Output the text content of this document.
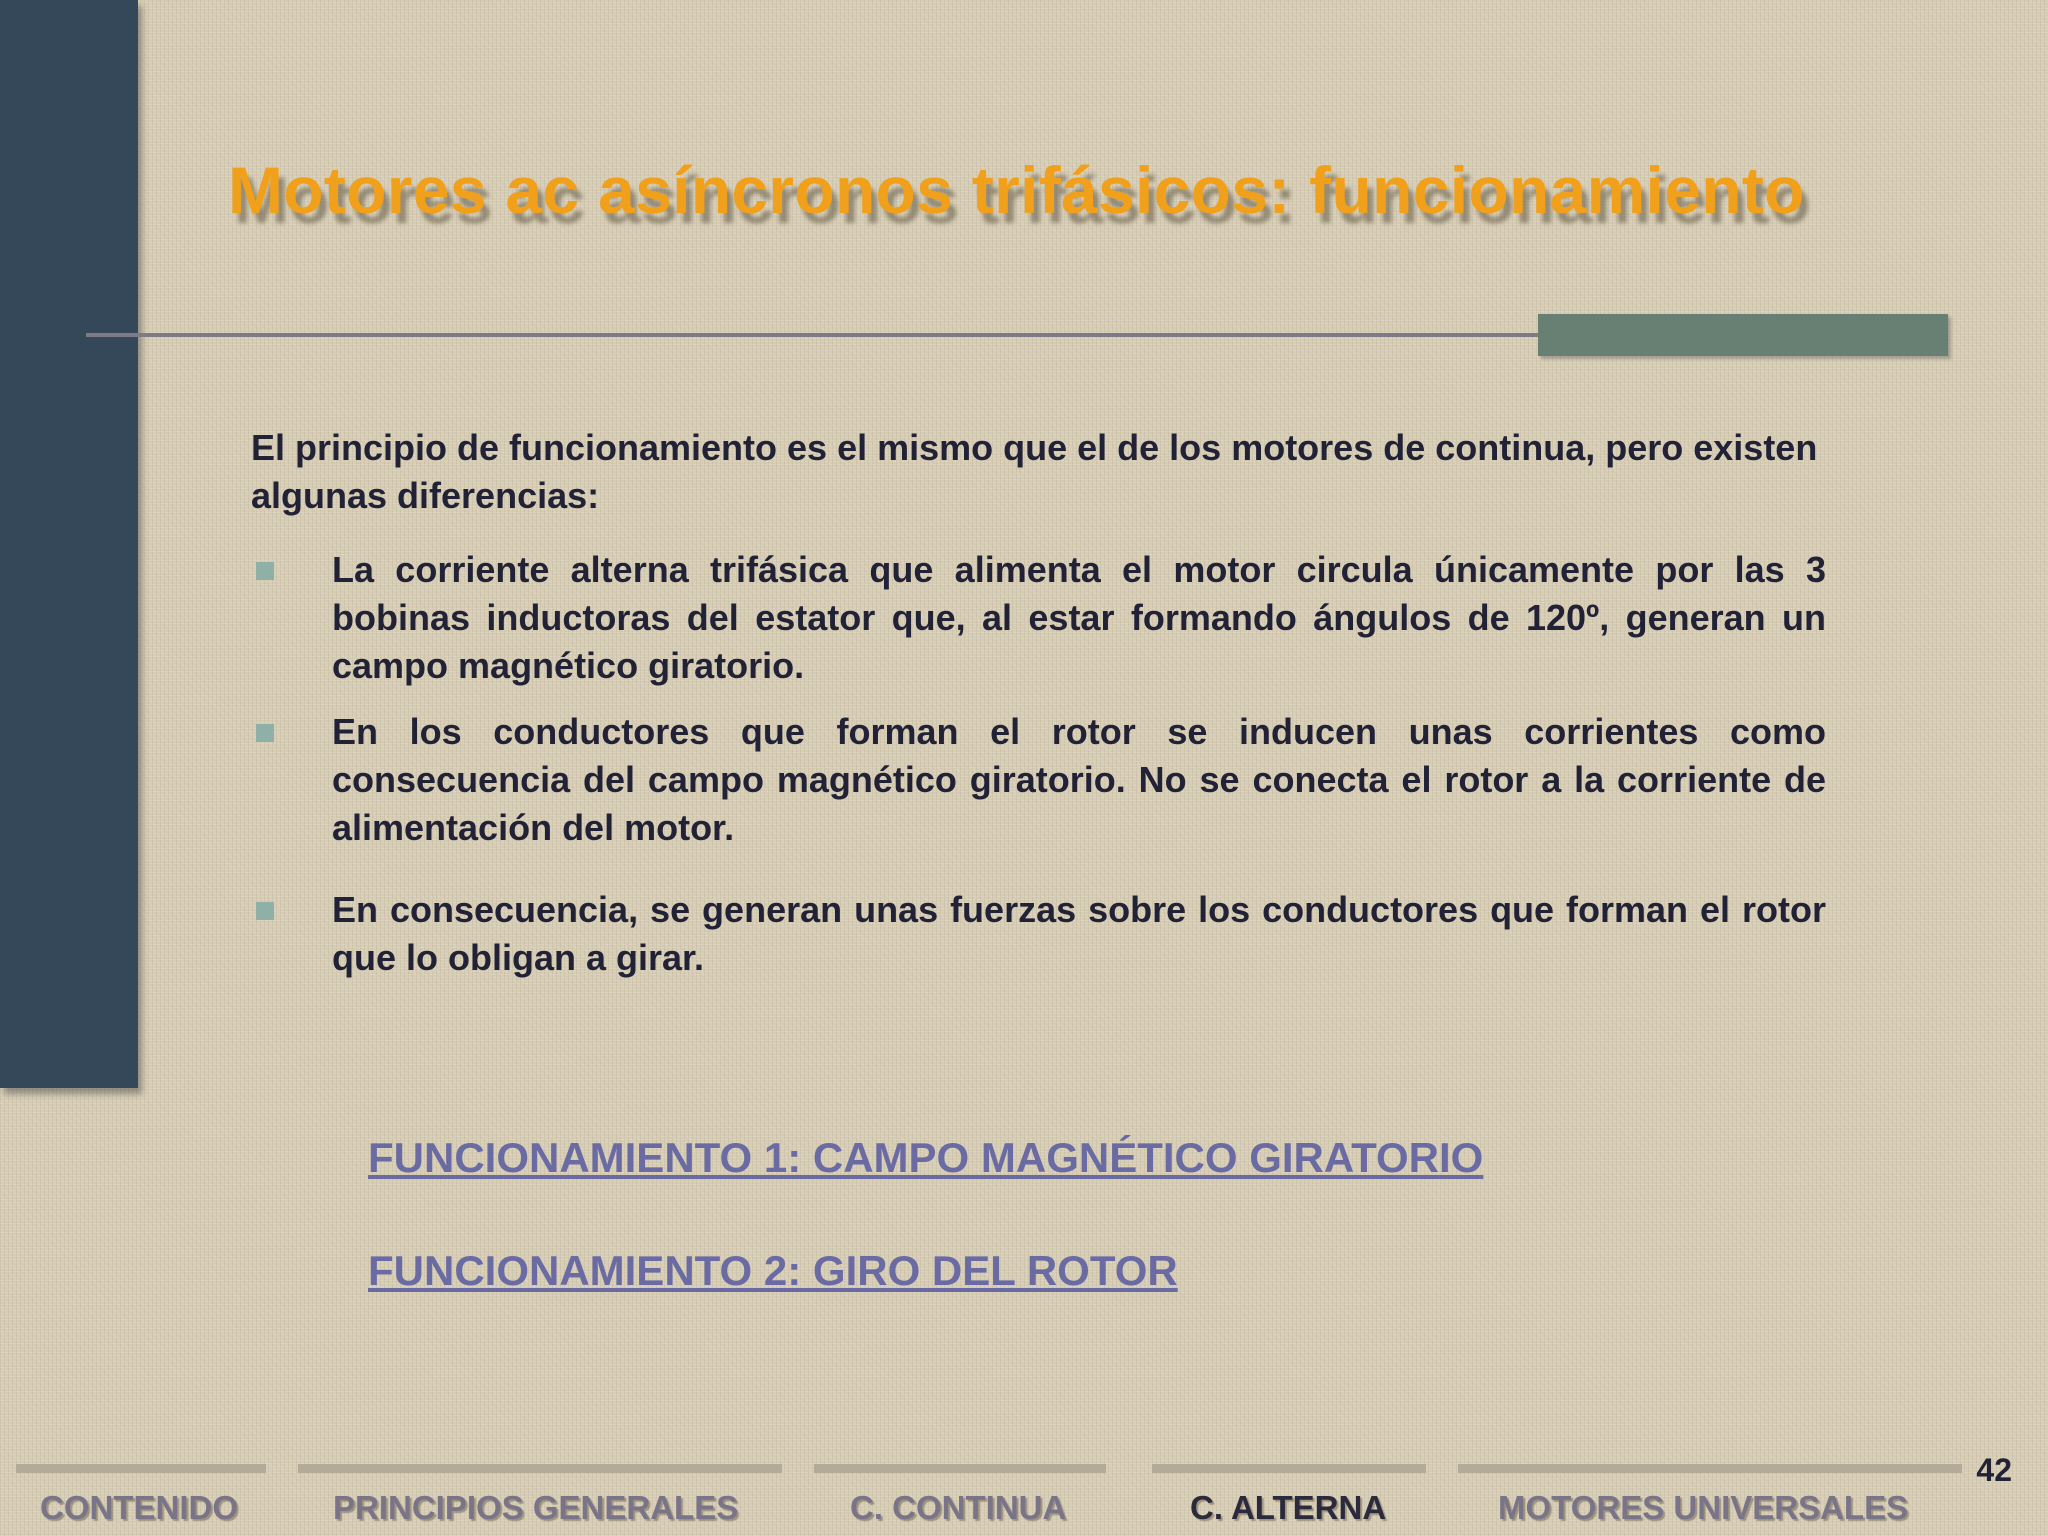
Motores ac asíncronos trifásicos: funcionamiento

El principio de funcionamiento es el mismo que el de los motores de continua, pero existen algunas diferencias:

La corriente alterna trifásica que alimenta el motor circula únicamente por las 3 bobinas inductoras del estator que, al estar formando ángulos de 120º, generan un campo magnético giratorio.
En los conductores que forman el rotor se inducen unas corrientes como consecuencia del campo magnético giratorio. No se conecta el rotor a la corriente de alimentación del motor.
En consecuencia, se generan unas fuerzas sobre los conductores que forman el rotor que lo obligan a girar.
FUNCIONAMIENTO 1: CAMPO MAGNÉTICO GIRATORIO
FUNCIONAMIENTO 2: GIRO DEL ROTOR
42
CONTENIDO	PRINCIPIOS GENERALES	C. CONTINUA	C. ALTERNA	MOTORES UNIVERSALES
